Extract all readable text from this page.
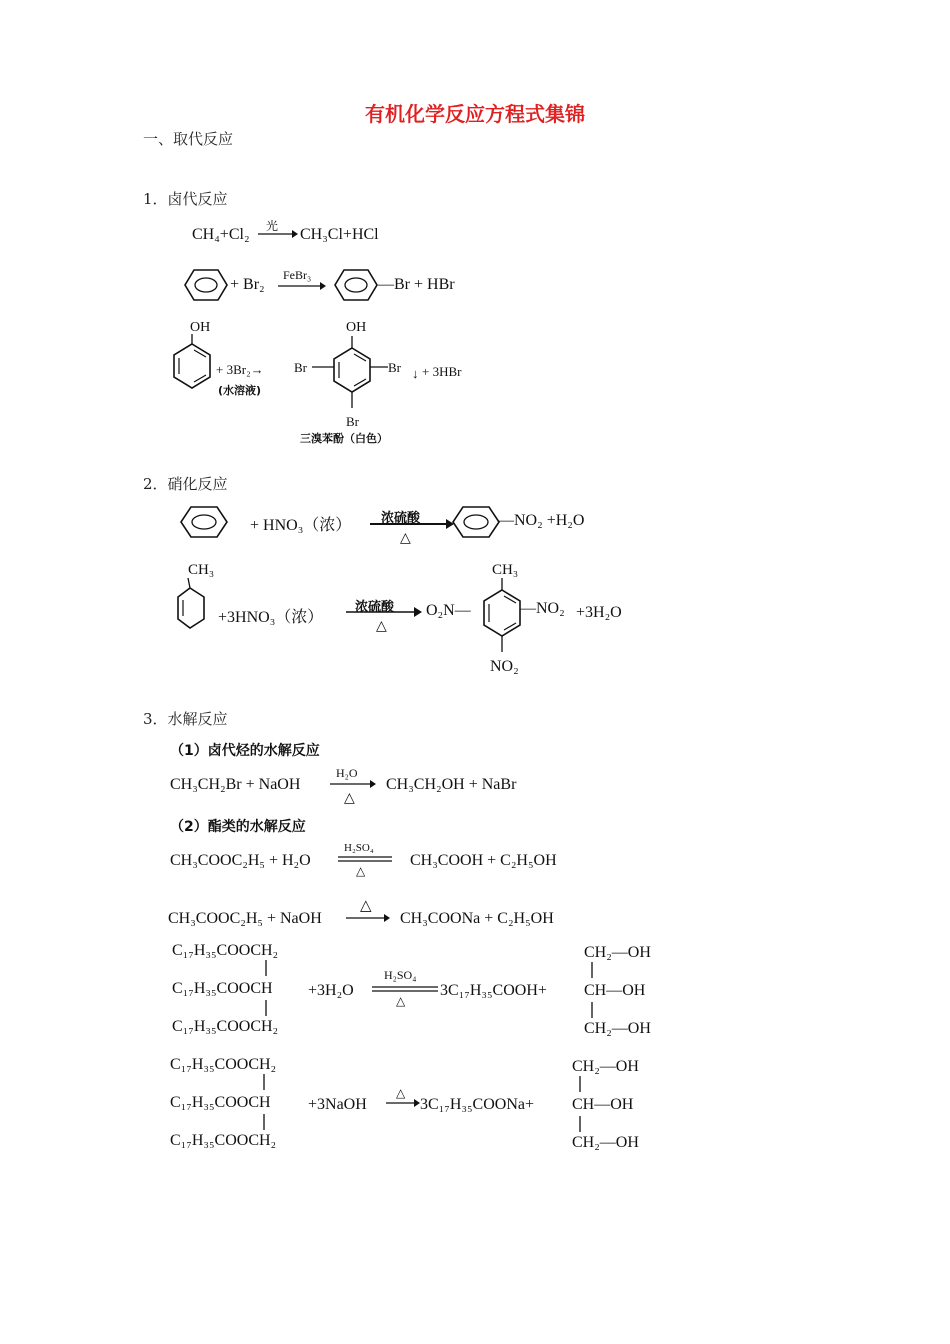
有机化学反应方程式集锦
一、取代反应
1．卤代反应
CH₄+Cl₂ 光 CH₃Cl+HCl
+ Br₂
FeBr₃
—Br + HBr
OH
+ 3Br₂→
(水溶液)
OH
Br	Br ↓ + 3HBr
Br
三溴苯酚（白色）
2．硝化反应
+ HNO₃（浓） 浓硫酸
△
—NO₂ +H₂O
CH₃
+3HNO₃（浓）
浓硫酸
△
O₂N—
CH₃
—NO₂
NO₂
+3H₂O
3．水解反应
（1）卤代烃的水解反应
CH₃CH₂Br + NaOH
H₂O
△
CH₃CH₂OH + NaBr
（2）酯类的水解反应
CH₃COOC₂H₅ + H₂O
H₂SO₄
△
CH₃COOH + C₂H₅OH
CH₃COOC₂H₅ + NaOH
△
CH₃COONa + C₂H₅OH
C₁₇H₃₅COOCH₂
C₁₇H₃₅COOCH
C₁₇H₃₅COOCH₂
+3H₂O
H₂SO₄
△
3C₁₇H₃₅COOH+
CH₂—OH
CH—OH
CH₂—OH
C₁₇H₃₅COOCH₂
C₁₇H₃₅COOCH
C₁₇H₃₅COOCH₂
+3NaOH
△
3C₁₇H₃₅COONa+
CH₂—OH
CH—OH
CH₂—OH
